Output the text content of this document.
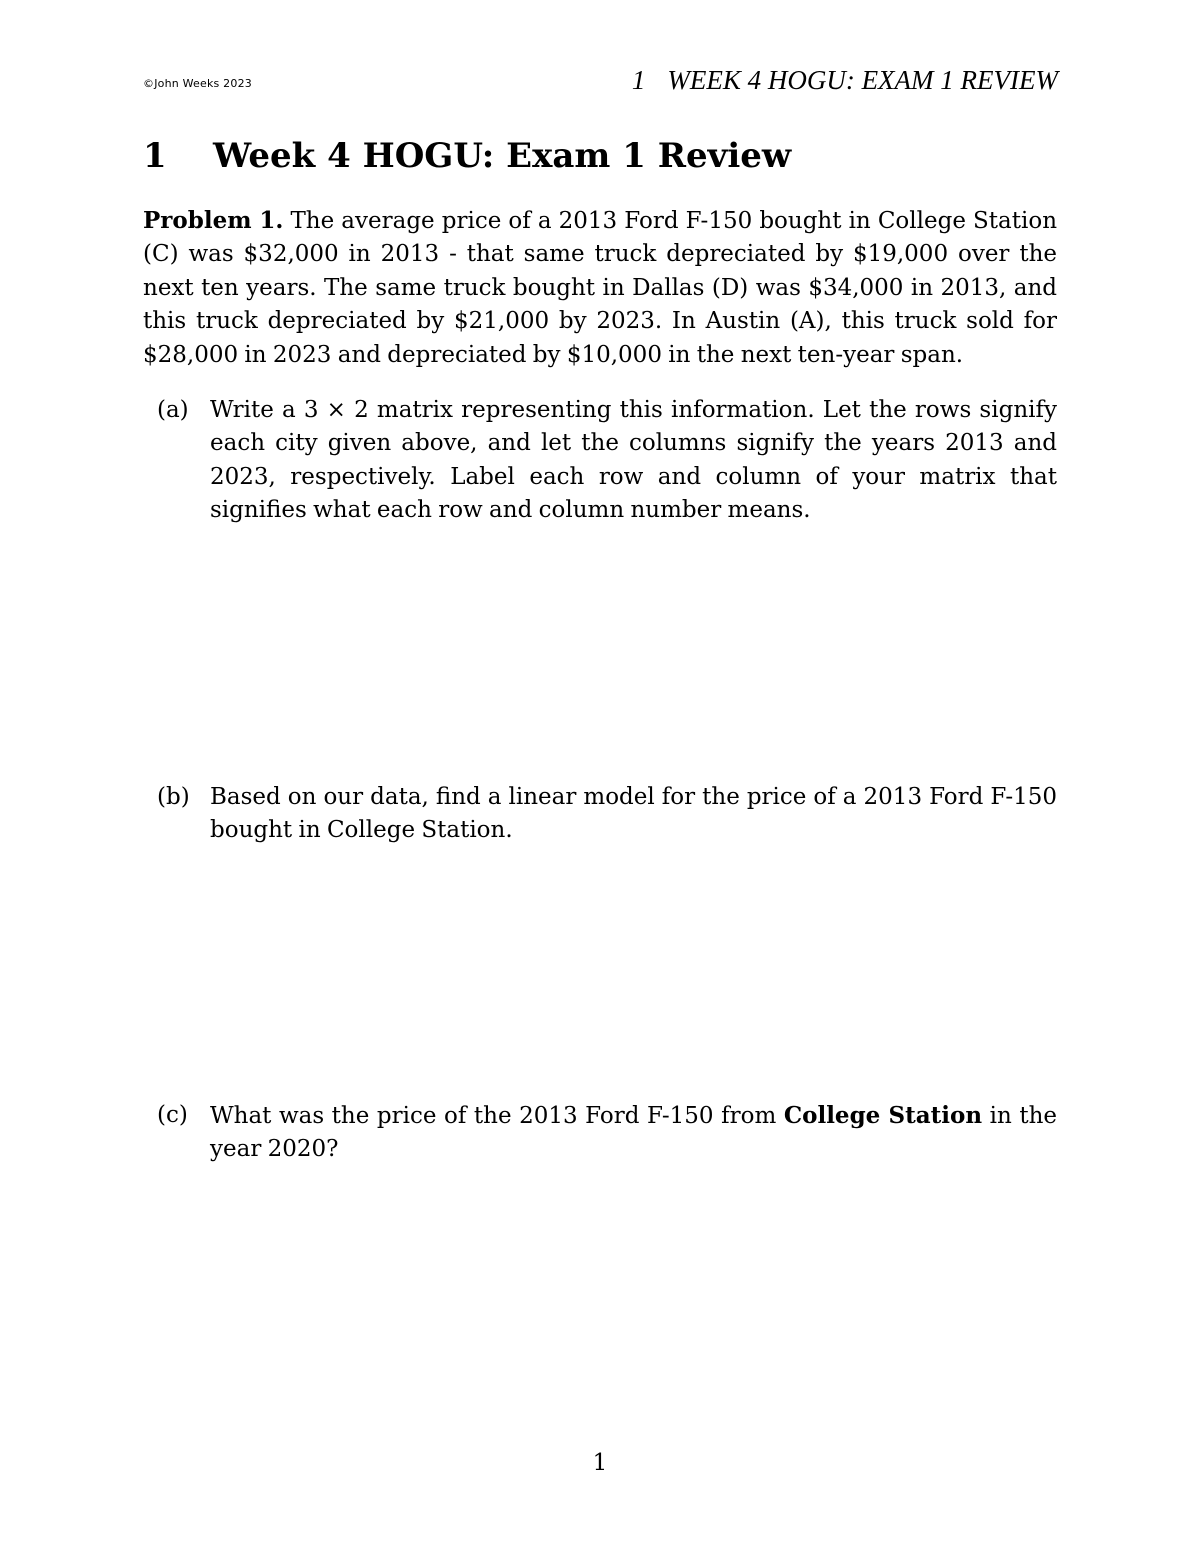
©John Weeks 2023	1 WEEK 4 HOGU: EXAM 1 REVIEW
1 Week 4 HOGU: Exam 1 Review
Problem 1. The average price of a 2013 Ford F-150 bought in College Station (C) was $32,000 in 2013 - that same truck depreciated by $19,000 over the next ten years. The same truck bought in Dallas (D) was $34,000 in 2013, and this truck depreciated by $21,000 by 2023. In Austin (A), this truck sold for $28,000 in 2023 and depreciated by $10,000 in the next ten-year span.
(a) Write a 3 × 2 matrix representing this information. Let the rows signify each city given above, and let the columns signify the years 2013 and 2023, respectively. Label each row and column of your matrix that signifies what each row and column number means.
(b) Based on our data, find a linear model for the price of a 2013 Ford F-150 bought in College Station.
(c) What was the price of the 2013 Ford F-150 from College Station in the year 2020?
1
